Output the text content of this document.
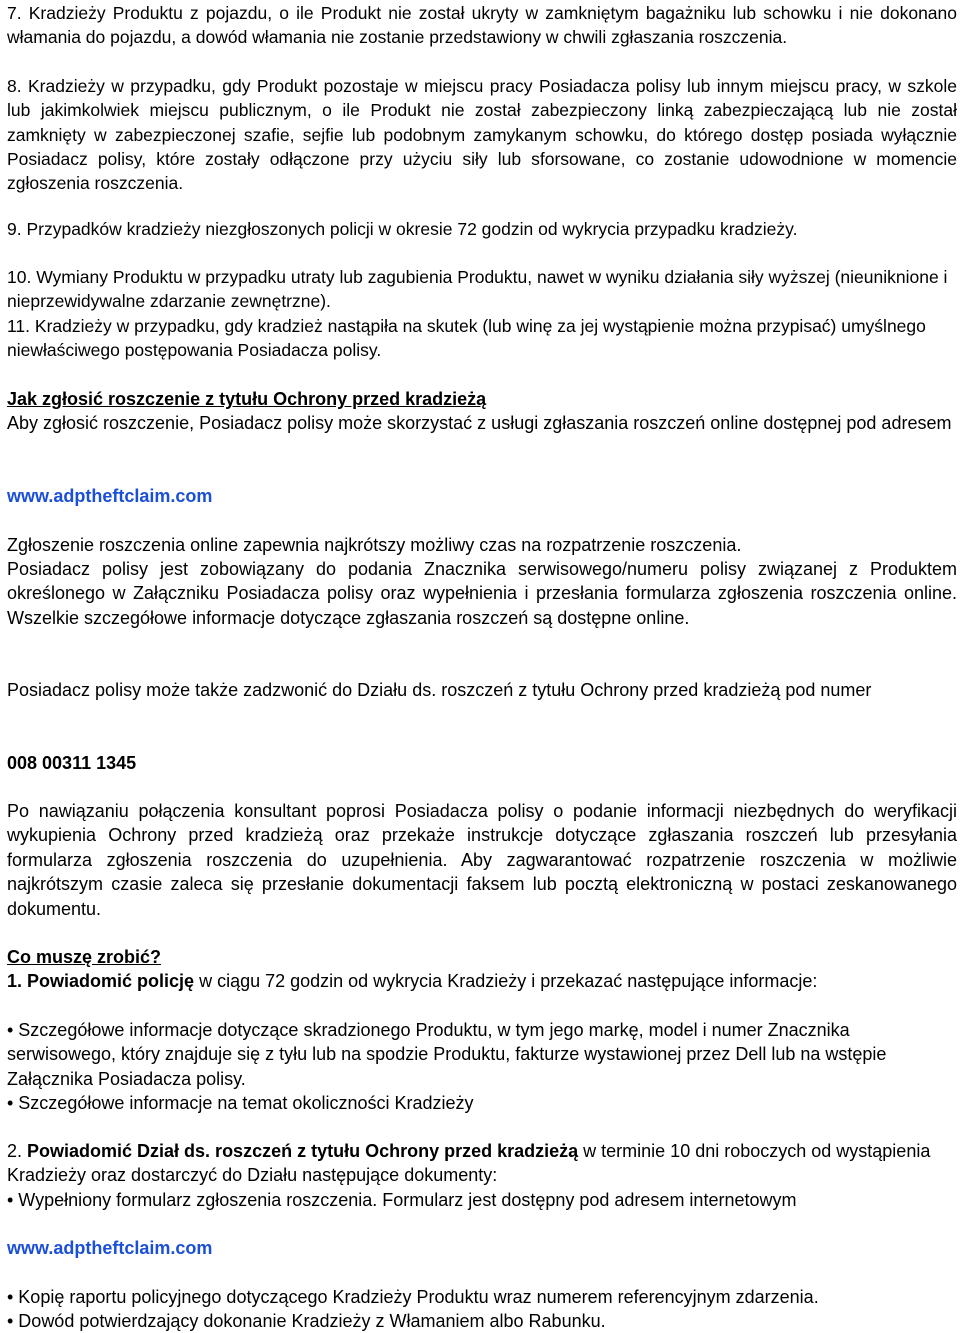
7. Kradzieży Produktu z pojazdu, o ile Produkt nie został ukryty w zamkniętym bagażniku lub schowku i nie dokonano włamania do pojazdu, a dowód włamania nie zostanie przedstawiony w chwili zgłaszania roszczenia.

8. Kradzieży w przypadku, gdy Produkt pozostaje w miejscu pracy Posiadacza polisy lub innym miejscu pracy, w szkole lub jakimkolwiek miejscu publicznym, o ile Produkt nie został zabezpieczony linką zabezpieczającą lub nie został zamknięty w zabezpieczonej szafie, sejfie lub podobnym zamykanym schowku, do którego dostęp posiada wyłącznie Posiadacz polisy, które zostały odłączone przy użyciu siły lub sforsowane, co zostanie udowodnione w momencie zgłoszenia roszczenia.

9. Przypadków kradzieży niezgłoszonych policji w okresie 72 godzin od wykrycia przypadku kradzieży.

10. Wymiany Produktu w przypadku utraty lub zagubienia Produktu, nawet w wyniku działania siły wyższej (nieuniknione i nieprzewidywalne zdarzanie zewnętrzne).

11. Kradzieży w przypadku, gdy kradzież nastąpiła na skutek (lub winę za jej wystąpienie można przypisać) umyślnego niewłaściwego postępowania Posiadacza polisy.

Jak zgłosić roszczenie z tytułu Ochrony przed kradzieżą

Aby zgłosić roszczenie, Posiadacz polisy może skorzystać z usługi zgłaszania roszczeń online dostępnej pod adresem

www.adptheftclaim.com

Zgłoszenie roszczenia online zapewnia najkrótszy możliwy czas na rozpatrzenie roszczenia.

Posiadacz polisy jest zobowiązany do podania Znacznika serwisowego/numeru polisy związanej z Produktem określonego w Załączniku Posiadacza polisy oraz wypełnienia i przesłania formularza zgłoszenia roszczenia online. Wszelkie szczegółowe informacje dotyczące zgłaszania roszczeń są dostępne online.

Posiadacz polisy może także zadzwonić do Działu ds. roszczeń z tytułu Ochrony przed kradzieżą pod numer

008 00311 1345

Po nawiązaniu połączenia konsultant poprosi Posiadacza polisy o podanie informacji niezbędnych do weryfikacji wykupienia Ochrony przed kradzieżą oraz przekaże instrukcje dotyczące zgłaszania roszczeń lub przesyłania formularza zgłoszenia roszczenia do uzupełnienia. Aby zagwarantować rozpatrzenie roszczenia w możliwie najkrótszym czasie zaleca się przesłanie dokumentacji faksem lub pocztą elektroniczną w postaci zeskanowanego dokumentu.

Co muszę zrobić?

1. Powiadomić policję w ciągu 72 godzin od wykrycia Kradzieży i przekazać następujące informacje:

• Szczegółowe informacje dotyczące skradzionego Produktu, w tym jego markę, model i numer Znacznika serwisowego, który znajduje się z tyłu lub na spodzie Produktu, fakturze wystawionej przez Dell lub na wstępie Załącznika Posiadacza polisy.

• Szczegółowe informacje na temat okoliczności Kradzieży

2. Powiadomić Dział ds. roszczeń z tytułu Ochrony przed kradzieżą w terminie 10 dni roboczych od wystąpienia Kradzieży oraz dostarczyć do Działu następujące dokumenty:

• Wypełniony formularz zgłoszenia roszczenia. Formularz jest dostępny pod adresem internetowym

www.adptheftclaim.com

• Kopię raportu policyjnego dotyczącego Kradzieży Produktu wraz numerem referencyjnym zdarzenia.

• Dowód potwierdzający dokonanie Kradzieży z Włamaniem albo Rabunku.
